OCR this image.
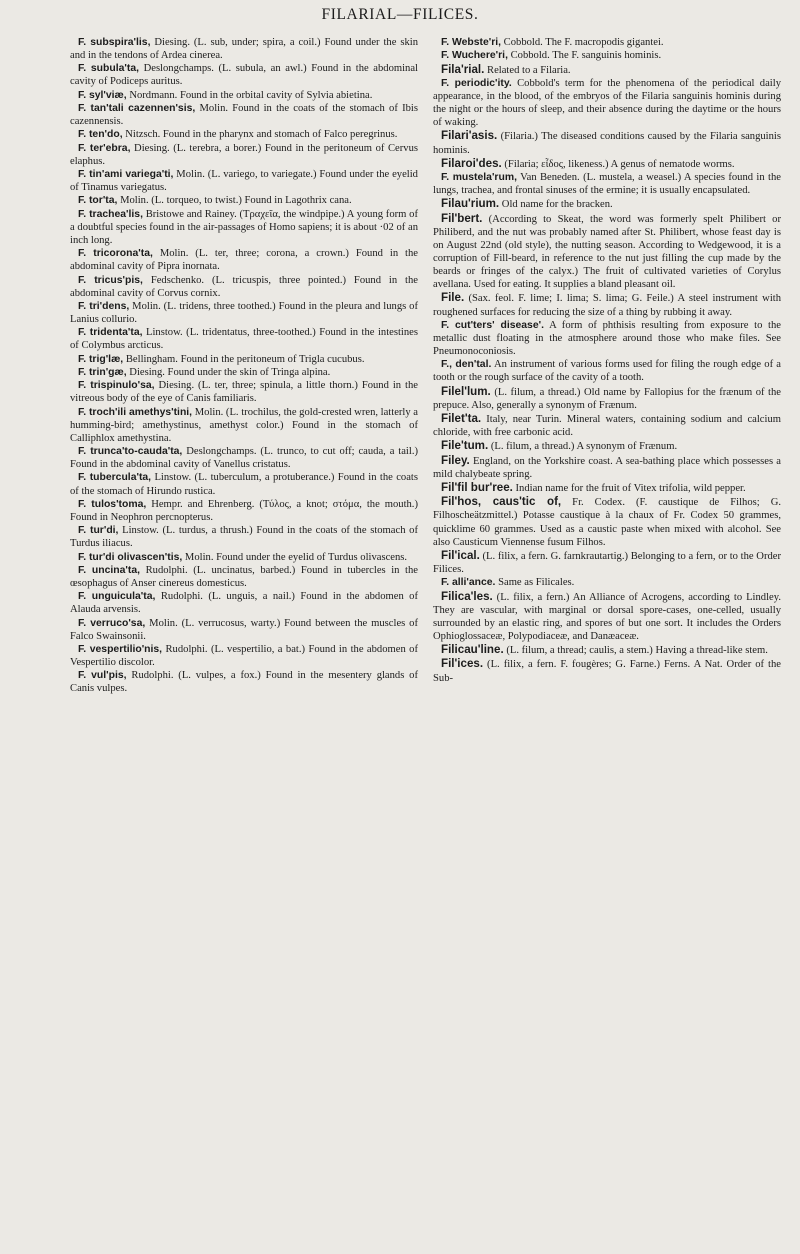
FILARIAL—FILICES.

F. subspira'lis, Diesing. (L. sub, under; spira, a coil.) Found under the skin and in the tendons of Ardea cinerea.

F. subula'ta, Deslongchamps. (L. subula, an awl.) Found in the abdominal cavity of Podiceps auritus.

F. syl'viæ, Nordmann. Found in the orbital cavity of Sylvia abietina.

F. tan'tali cazennen'sis, Molin. Found in the coats of the stomach of Ibis cazennensis.

F. ten'do, Nitzsch. Found in the pharynx and stomach of Falco peregrinus.

F. ter'ebra, Diesing. (L. terebra, a borer.) Found in the peritoneum of Cervus elaphus.

F. tin'ami variega'ti, Molin. (L. variego, to variegate.) Found under the eyelid of Tinamus variegatus.

F. tor'ta, Molin. (L. torqueo, to twist.) Found in Lagothrix cana.

F. trachea'lis, Bristowe and Rainey. (Τραχεῖα, the windpipe.) A young form of a doubtful species found in the air-passages of Homo sapiens; it is about ·02 of an inch long.

F. tricorona'ta, Molin. (L. ter, three; corona, a crown.) Found in the abdominal cavity of Pipra inornata.

F. tricus'pis, Fedschenko. (L. tricuspis, three pointed.) Found in the abdominal cavity of Corvus cornix.

F. tri'dens, Molin. (L. tridens, three toothed.) Found in the pleura and lungs of Lanius collurio.

F. tridenta'ta, Linstow. (L. tridentatus, three-toothed.) Found in the intestines of Colymbus arcticus.

F. trig'læ, Bellingham. Found in the peritoneum of Trigla cucubus.

F. trin'gæ, Diesing. Found under the skin of Tringa alpina.

F. trispinulo'sa, Diesing. (L. ter, three; spinula, a little thorn.) Found in the vitreous body of the eye of Canis familiaris.

F. troch'ili amethys'tini, Molin. (L. trochilus, the gold-crested wren, latterly a humming-bird; amethystinus, amethyst color.) Found in the stomach of Calliphlox amethystina.

F. trunca'to-cauda'ta, Deslongchamps. (L. trunco, to cut off; cauda, a tail.) Found in the abdominal cavity of Vanellus cristatus.

F. tubercula'ta, Linstow. (L. tuberculum, a protuberance.) Found in the coats of the stomach of Hirundo rustica.

F. tulos'toma, Hempr. and Ehrenberg. (Τύλος, a knot; στόμα, the mouth.) Found in Neophron percnopterus.

F. tur'di, Linstow. (L. turdus, a thrush.) Found in the coats of the stomach of Turdus iliacus.

F. tur'di olivascen'tis, Molin. Found under the eyelid of Turdus olivascens.

F. uncina'ta, Rudolphi. (L. uncinatus, barbed.) Found in tubercles in the œsophagus of Anser cinereus domesticus.

F. unguicula'ta, Rudolphi. (L. unguis, a nail.) Found in the abdomen of Alauda arvensis.

F. verruco'sa, Molin. (L. verrucosus, warty.) Found between the muscles of Falco Swainsonii.

F. vespertilio'nis, Rudolphi. (L. vespertilio, a bat.) Found in the abdomen of Vespertilio discolor.

F. vul'pis, Rudolphi. (L. vulpes, a fox.) Found in the mesentery glands of Canis vulpes.

F. Webste'ri, Cobbold. The F. macropodis gigantei.

F. Wuchere'ri, Cobbold. The F. sanguinis hominis.

Fila'rial. Related to a Filaria.

F. periodic'ity. Cobbold's term for the phenomena of the periodical daily appearance, in the blood, of the embryos of the Filaria sanguinis hominis during the night or the hours of sleep, and their absence during the daytime or the hours of waking.

Filari'asis. (Filaria.) The diseased conditions caused by the Filaria sanguinis hominis.

Filaroi'des. (Filaria; εἶδος, likeness.) A genus of nematode worms.

F. mustela'rum, Van Beneden. (L. mustela, a weasel.) A species found in the lungs, trachea, and frontal sinuses of the ermine; it is usually encapsulated.

Filau'rium. Old name for the bracken.

Fil'bert. (According to Skeat, the word was formerly spelt Philibert or Philiberd, and the nut was probably named after St. Philibert, whose feast day is on August 22nd (old style), the nutting season. According to Wedgewood, it is a corruption of Fill-beard, in reference to the nut just filling the cup made by the beards or fringes of the calyx.) The fruit of cultivated varieties of Corylus avellana. Used for eating. It supplies a bland pleasant oil.

File. (Sax. feol. F. lime; I. lima; S. lima; G. Feile.) A steel instrument with roughened surfaces for reducing the size of a thing by rubbing it away.

F. cut'ters' disease'. A form of phthisis resulting from exposure to the metallic dust floating in the atmosphere around those who make files. See Pneumonoconiosis.

F., den'tal. An instrument of various forms used for filing the rough edge of a tooth or the rough surface of the cavity of a tooth.

Filel'lum. (L. filum, a thread.) Old name by Fallopius for the frænum of the prepuce. Also, generally a synonym of Frænum.

Filet'ta. Italy, near Turin. Mineral waters, containing sodium and calcium chloride, with free carbonic acid.

File'tum. (L. filum, a thread.) A synonym of Frænum.

Filey. England, on the Yorkshire coast. A sea-bathing place which possesses a mild chalybeate spring.

Fil'fil bur'ree. Indian name for the fruit of Vitex trifolia, wild pepper.

Fil'hos, caus'tic of, Fr. Codex. (F. caustique de Filhos; G. Filhoscheätzmittel.) Potasse caustique à la chaux of Fr. Codex 50 grammes, quicklime 60 grammes. Used as a caustic paste when mixed with alcohol. See also Causticum Viennense fusum Filhos.

Fil'ical. (L. filix, a fern. G. farnkrautartig.) Belonging to a fern, or to the Order Filices.

F. alli'ance. Same as Filicales.

Filica'les. (L. filix, a fern.) An Alliance of Acrogens, according to Lindley. They are vascular, with marginal or dorsal spore-cases, one-celled, usually surrounded by an elastic ring, and spores of but one sort. It includes the Orders Ophioglossaceæ, Polypodiaceæ, and Danæaceæ.

Filicau'line. (L. filum, a thread; caulis, a stem.) Having a thread-like stem.

Fil'ices. (L. filix, a fern. F. fougères; G. Farne.) Ferns. A Nat. Order of the Sub-
